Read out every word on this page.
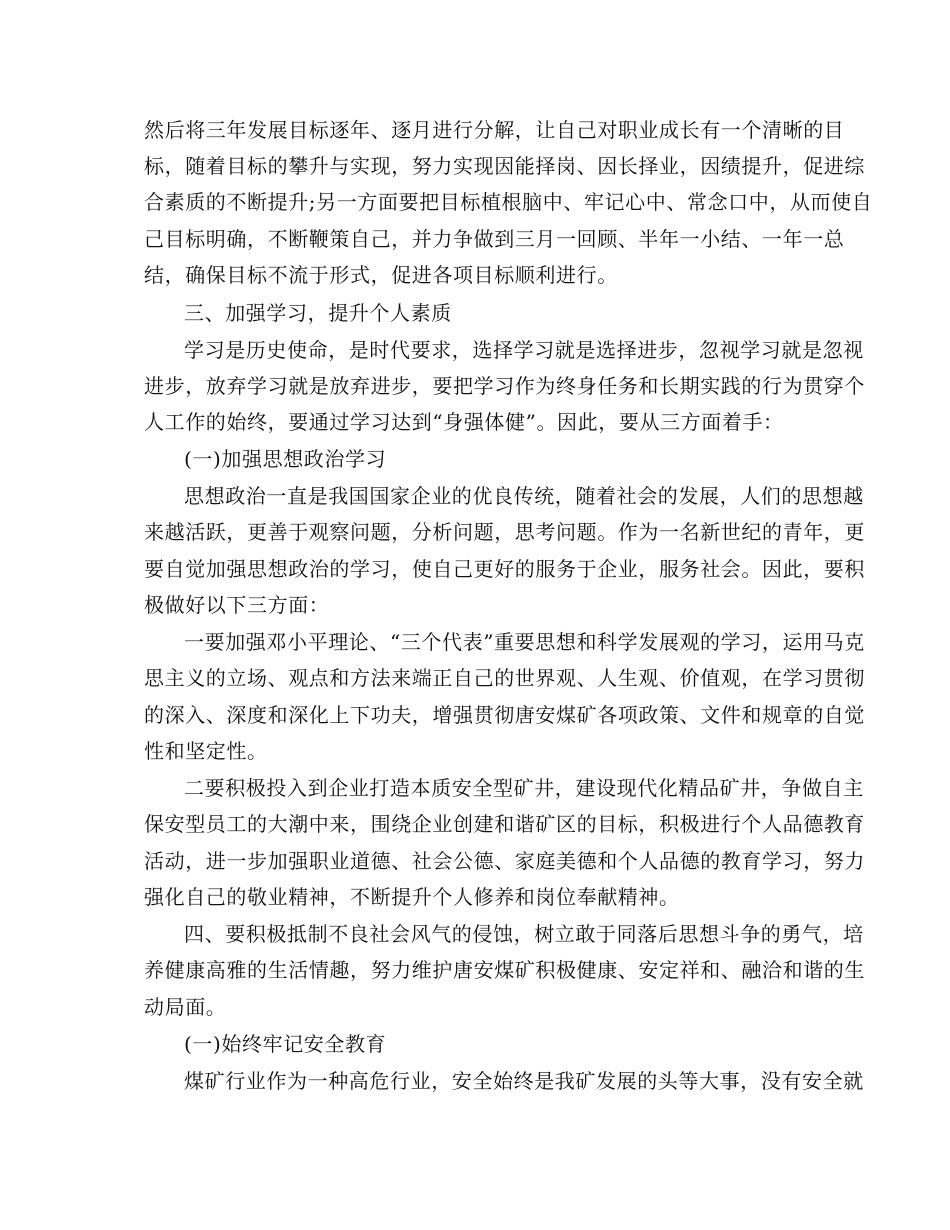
然后将三年发展目标逐年、逐月进行分解，让自己对职业成长有一个清晰的目
标，随着目标的攀升与实现，努力实现因能择岗、因长择业，因绩提升，促进综
合素质的不断提升;另一方面要把目标植根脑中、牢记心中、常念口中，从而使自
己目标明确，不断鞭策自己，并力争做到三月一回顾、半年一小结、一年一总
结，确保目标不流于形式，促进各项目标顺利进行。
三、加强学习，提升个人素质
学习是历史使命，是时代要求，选择学习就是选择进步，忽视学习就是忽视
进步，放弃学习就是放弃进步，要把学习作为终身任务和长期实践的行为贯穿个
人工作的始终，要通过学习达到“身强体健”。因此，要从三方面着手：
(一)加强思想政治学习
思想政治一直是我国国家企业的优良传统，随着社会的发展，人们的思想越
来越活跃，更善于观察问题，分析问题，思考问题。作为一名新世纪的青年，更
要自觉加强思想政治的学习，使自己更好的服务于企业，服务社会。因此，要积
极做好以下三方面：
一要加强邓小平理论、“三个代表”重要思想和科学发展观的学习，运用马克
思主义的立场、观点和方法来端正自己的世界观、人生观、价值观，在学习贯彻
的深入、深度和深化上下功夫，增强贯彻唐安煤矿各项政策、文件和规章的自觉
性和坚定性。
二要积极投入到企业打造本质安全型矿井，建设现代化精品矿井，争做自主
保安型员工的大潮中来，围绕企业创建和谐矿区的目标，积极进行个人品德教育
活动，进一步加强职业道德、社会公德、家庭美德和个人品德的教育学习，努力
强化自己的敬业精神，不断提升个人修养和岗位奉献精神。
四、要积极抵制不良社会风气的侵蚀，树立敢于同落后思想斗争的勇气，培
养健康高雅的生活情趣，努力维护唐安煤矿积极健康、安定祥和、融洽和谐的生
动局面。
(一)始终牢记安全教育
煤矿行业作为一种高危行业，安全始终是我矿发展的头等大事，没有安全就
